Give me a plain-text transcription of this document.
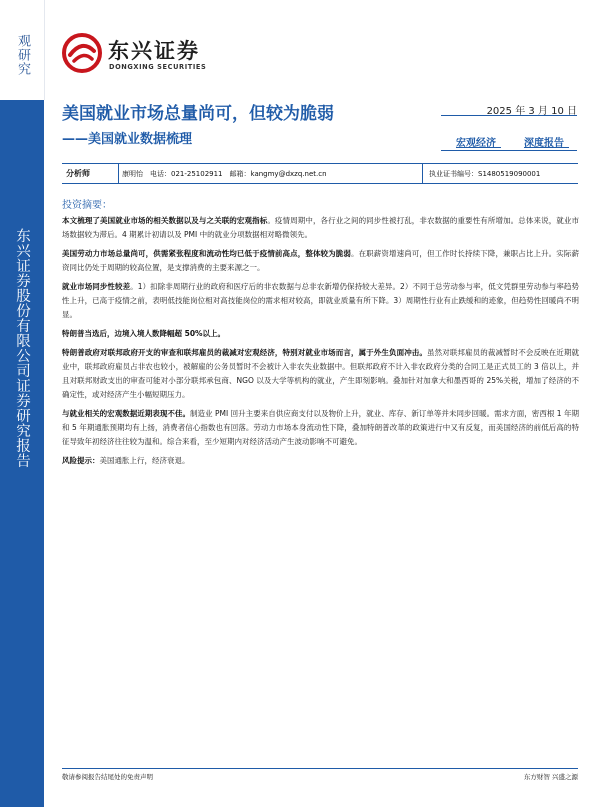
观研究
东兴证券股份有限公司证券研究报告
东兴证券
DONGXING SECURITIES
美国就业市场总量尚可，但较为脆弱
——美国就业数据梳理
2025 年 3 月 10 日
宏观经济	深度报告
分析师	康明怡　电话：021-25102911　邮箱：kangmy@dxzq.net.cn	执业证书编号：S1480519090001
投资摘要：

本文梳理了美国就业市场的相关数据以及与之关联的宏观指标。疫情周期中，各行业之间的同步性被打乱，非农数据的重要性有所增加。总体来说，就业市场数据较为滞后。4 期累计初请以及 PMI 中的就业分项数据相对略微领先。

美国劳动力市场总量尚可，供需紧张程度和流动性均已低于疫情前高点，整体较为脆弱。在职薪资增速尚可，但工作时长持续下降，兼职占比上升。实际薪资同比仍处于周期的较高位置，是支撑消费的主要来源之一。

就业市场同步性较差。1）扣除非周期行业的政府和医疗后的非农数据与总非农新增仍保持较大差异。2）不同于总劳动参与率，低文凭群里劳动参与率趋势性上升，已高于疫情之前，表明低技能岗位相对高技能岗位的需求相对较高，即就业质量有所下降。3）周期性行业有止跌缓和的迹象，但趋势性回暖尚不明显。

特朗普当选后，边境入境人数降幅超 50%以上。

特朗普政府对联邦政府开支的审查和联邦雇员的裁减对宏观经济，特别对就业市场而言，属于外生负面冲击。虽然对联邦雇员的裁减暂时不会反映在近期就业中，联邦政府雇员占非农也较小，被解雇的公务员暂时不会被计入非农失业数据中。但联邦政府不计入非农政府分类的合同工是正式员工的 3 倍以上，并且对联邦财政支出的审查可能对小部分联邦承包商、NGO 以及大学等机构的就业，产生即刻影响。叠加针对加拿大和墨西哥的 25%关税，增加了经济的不确定性，或对经济产生小幅短期压力。

与就业相关的宏观数据近期表现不佳。制造业 PMI 回升主要来自供应商支付以及物价上升，就业、库存、新订单等并未同步回暖。需求方面，密西根 1 年期和 5 年期通胀预期均有上扬，消费者信心指数也有回落。劳动力市场本身流动性下降，叠加特朗普改革的政策进行中又有反复，而美国经济的前低后高的特征导致年初经济往往较为温和。综合来看，至少短期内对经济活动产生波动影响不可避免。

风险提示：美国通胀上行，经济衰退。

敬请参阅报告结尾处的免责声明	东方财智 兴盛之源
